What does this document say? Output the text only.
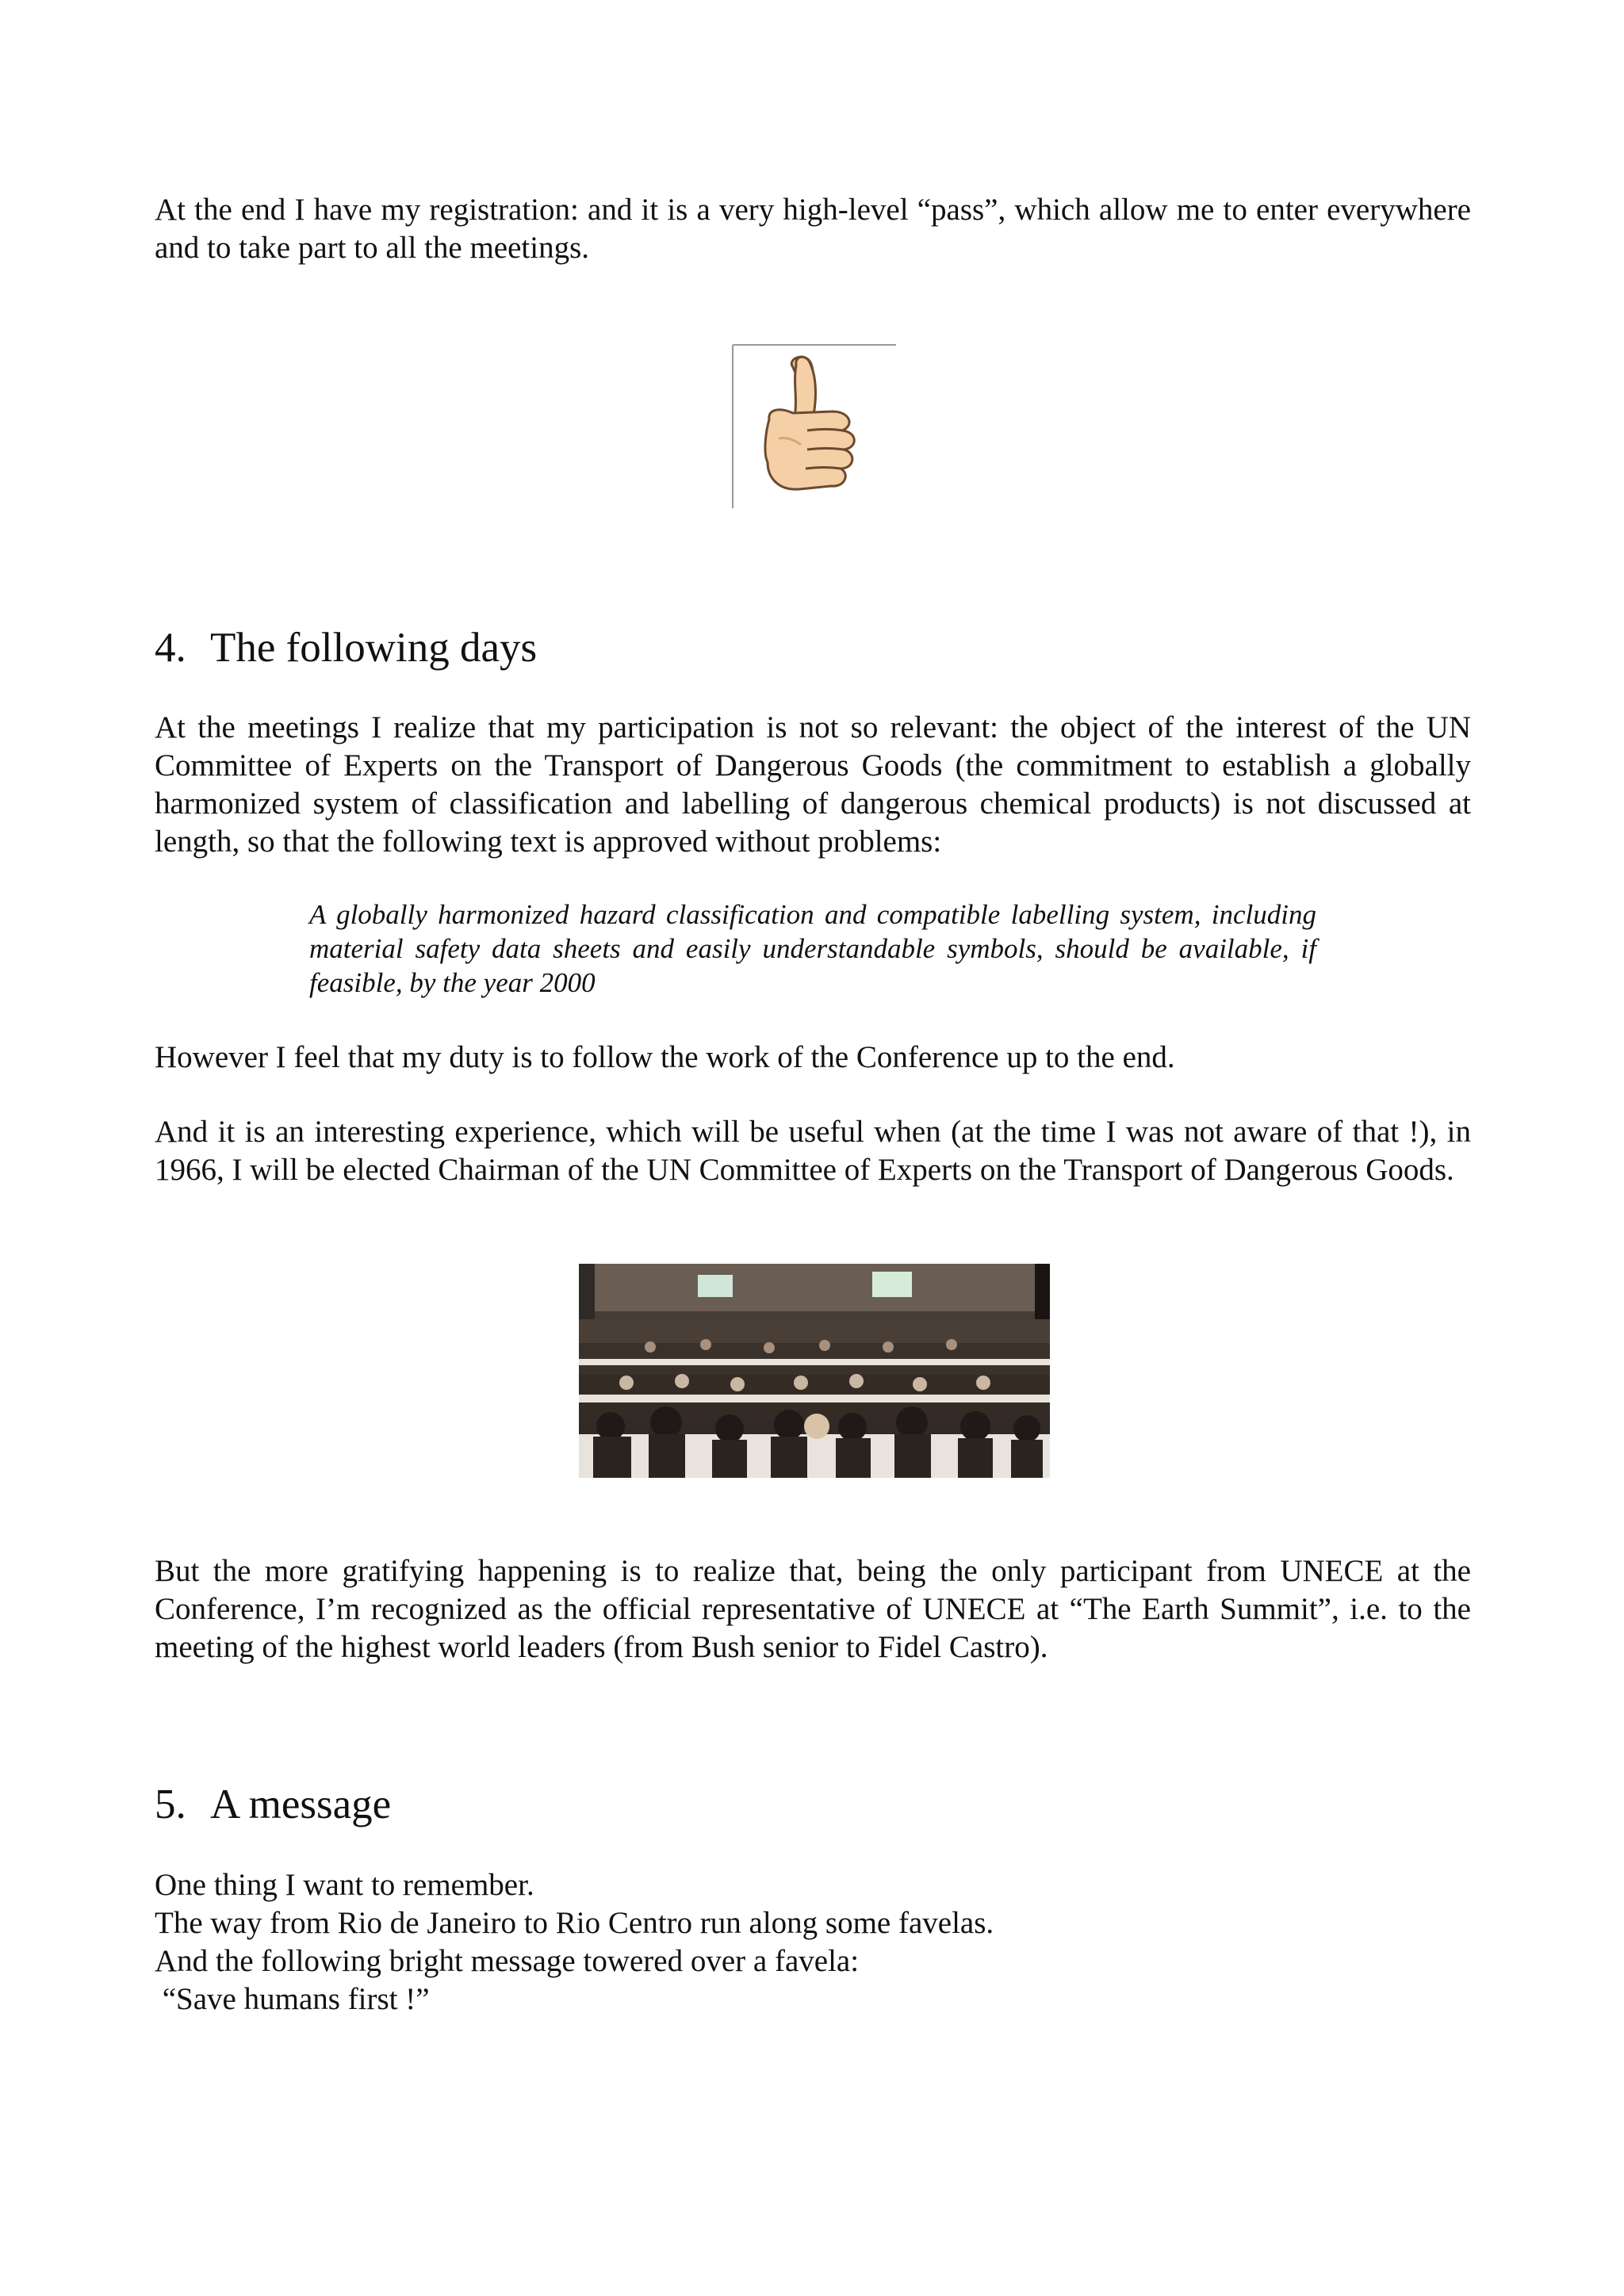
At the end I have my registration: and it is a very high-level “pass”, which allow me to enter everywhere and to take part to all the meetings.

4. The following days

At the meetings I realize that my participation is not so relevant: the object of the interest of the UN Committee of Experts on the Transport of Dangerous Goods (the commitment to establish a globally harmonized system of classification and labelling of dangerous chemical products) is not discussed at length, so that the following text is approved without problems:

A globally harmonized hazard classification and compatible labelling system, including material safety data sheets and easily understandable symbols, should be available, if feasible, by the year 2000

However I feel that my duty is to follow the work of the Conference up to the end.

And it is an interesting experience, which will be useful when (at the time I was not aware of that !), in 1966, I will be elected Chairman of the UN Committee of Experts on the Transport of Dangerous Goods.

But the more gratifying happening is to realize that, being the only participant from UNECE at the Conference, I’m recognized as the official representative of UNECE at “The Earth Summit”, i.e. to the meeting of the highest world leaders (from Bush senior to Fidel Castro).

5. A message
One thing I want to remember.
The way from Rio de Janeiro to Rio Centro run along some favelas.
And the following bright message towered over a favela:
“Save humans first !”
